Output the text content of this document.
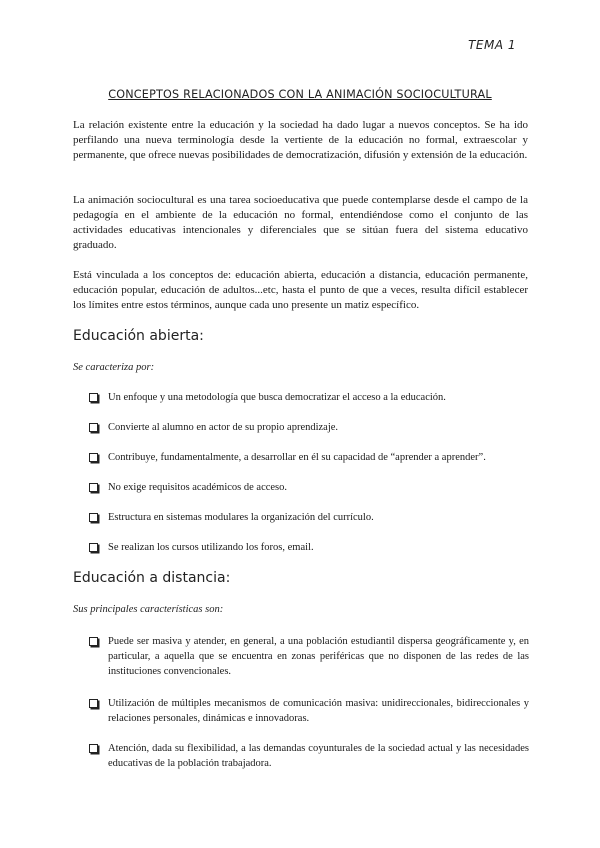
TEMA 1
CONCEPTOS RELACIONADOS CON LA ANIMACIÓN SOCIOCULTURAL

La relación existente entre la educación y la sociedad ha dado lugar a nuevos conceptos. Se ha ido perfilando una nueva terminología desde la vertiente de la educación no formal, extraescolar y permanente, que ofrece nuevas posibilidades de democratización, difusión y extensión de la educación.

La animación sociocultural es una tarea socioeducativa que puede contemplarse desde el campo de la pedagogía en el ambiente de la educación no formal, entendiéndose como el conjunto de las actividades educativas intencionales y diferenciales que se sitúan fuera del sistema educativo graduado.

Está vinculada a los conceptos de: educación abierta, educación a distancia, educación permanente, educación popular, educación de adultos...etc, hasta el punto de que a veces, resulta difícil establecer los límites entre estos términos, aunque cada uno presente un matiz específico.

Educación abierta:
Se caracteriza por:
Un enfoque y una metodología que busca democratizar el acceso a la educación.
Convierte al alumno en actor de su propio aprendizaje.
Contribuye, fundamentalmente, a desarrollar en él su capacidad de “aprender a aprender”.
No exige requisitos académicos de acceso.
Estructura en sistemas modulares la organización del currículo.
Se realizan los cursos utilizando los foros, email.
Educación a distancia:
Sus principales características son:
Puede ser masiva y atender, en general, a una población estudiantil dispersa geográficamente y, en particular, a aquella que se encuentra en zonas periféricas que no disponen de las redes de las instituciones convencionales.
Utilización de múltiples mecanismos de comunicación masiva: unidireccionales, bidireccionales y relaciones personales, dinámicas e innovadoras.
Atención, dada su flexibilidad, a las demandas coyunturales de la sociedad actual y las necesidades educativas de la población trabajadora.
